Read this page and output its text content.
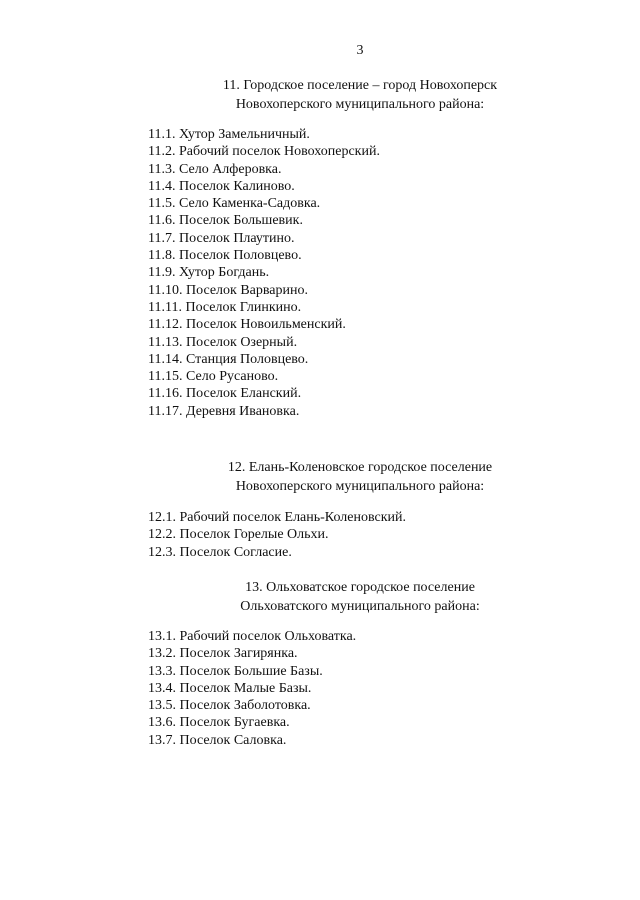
3
11. Городское поселение – город Новохоперск
Новохоперского муниципального района:
11.1. Хутор Замельничный.
11.2. Рабочий поселок Новохоперский.
11.3. Село Алферовка.
11.4. Поселок Калиново.
11.5. Село Каменка-Садовка.
11.6. Поселок Большевик.
11.7. Поселок Плаутино.
11.8. Поселок Половцево.
11.9. Хутор Богдань.
11.10. Поселок Варварино.
11.11. Поселок Глинкино.
11.12. Поселок Новоильменский.
11.13. Поселок Озерный.
11.14. Станция Половцево.
11.15. Село Русаново.
11.16. Поселок Еланский.
11.17. Деревня Ивановка.
12. Елань-Коленовское городское поселение
Новохоперского муниципального района:
12.1. Рабочий поселок Елань-Коленовский.
12.2. Поселок Горелые Ольхи.
12.3. Поселок Согласие.
13. Ольховатское городское поселение
Ольховатского муниципального района:
13.1. Рабочий поселок Ольховатка.
13.2. Поселок Загирянка.
13.3. Поселок Большие Базы.
13.4. Поселок Малые Базы.
13.5. Поселок Заболотовка.
13.6. Поселок Бугаевка.
13.7. Поселок Саловка.
